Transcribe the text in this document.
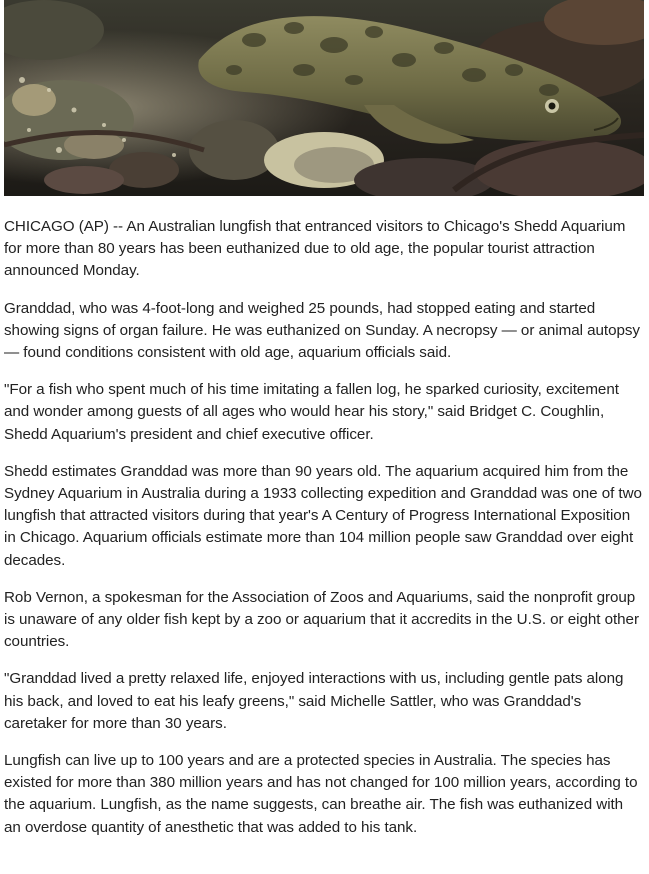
CHICAGO (AP) -- An Australian lungfish that entranced visitors to Chicago's Shedd Aquarium for more than 80 years has been euthanized due to old age, the popular tourist attraction announced Monday.

Granddad, who was 4-foot-long and weighed 25 pounds, had stopped eating and started showing signs of organ failure. He was euthanized on Sunday. A necropsy — or animal autopsy — found conditions consistent with old age, aquarium officials said.

"For a fish who spent much of his time imitating a fallen log, he sparked curiosity, excitement and wonder among guests of all ages who would hear his story," said Bridget C. Coughlin, Shedd Aquarium's president and chief executive officer.

Shedd estimates Granddad was more than 90 years old. The aquarium acquired him from the Sydney Aquarium in Australia during a 1933 collecting expedition and Granddad was one of two lungfish that attracted visitors during that year's A Century of Progress International Exposition in Chicago. Aquarium officials estimate more than 104 million people saw Granddad over eight decades.

Rob Vernon, a spokesman for the Association of Zoos and Aquariums, said the nonprofit group is unaware of any older fish kept by a zoo or aquarium that it accredits in the U.S. or eight other countries.

"Granddad lived a pretty relaxed life, enjoyed interactions with us, including gentle pats along his back, and loved to eat his leafy greens," said Michelle Sattler, who was Granddad's caretaker for more than 30 years.

Lungfish can live up to 100 years and are a protected species in Australia. The species has existed for more than 380 million years and has not changed for 100 million years, according to the aquarium. Lungfish, as the name suggests, can breathe air. The fish was euthanized with an overdose quantity of anesthetic that was added to his tank.
